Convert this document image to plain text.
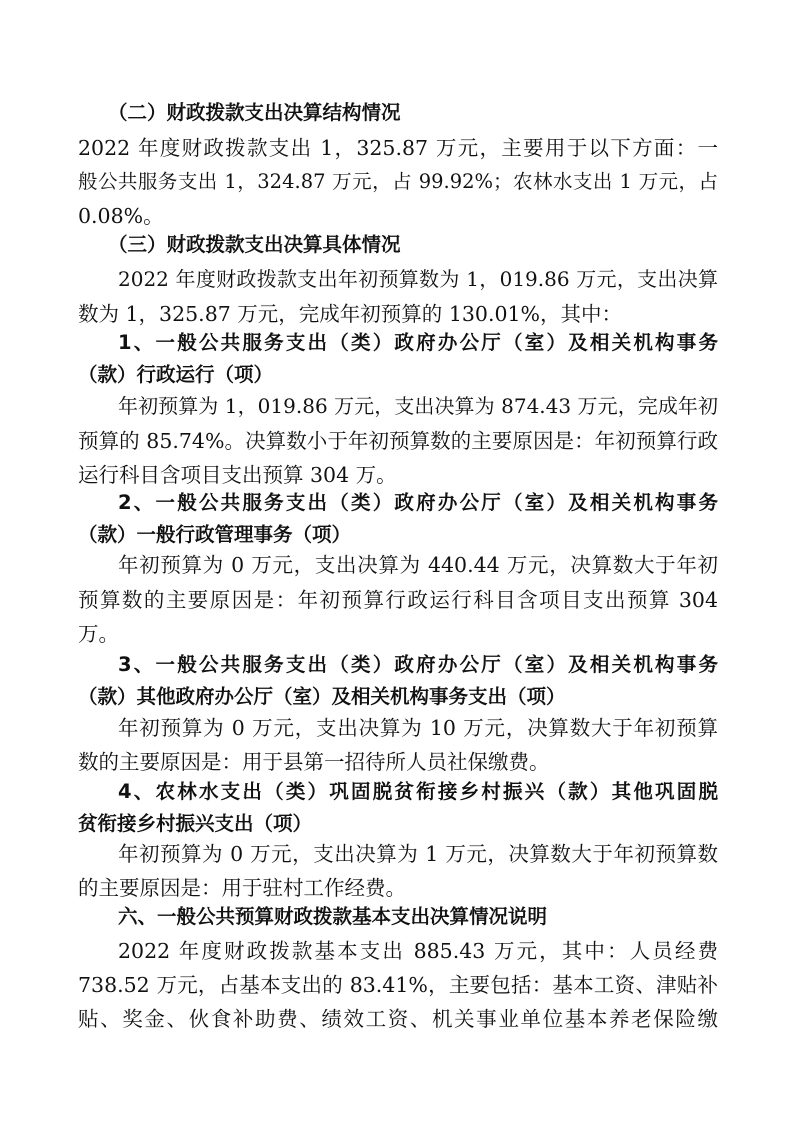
（二）财政拨款支出决算结构情况
2022 年度财政拨款支出 1，325.87 万元，主要用于以下方面：一
般公共服务支出 1，324.87 万元，占 99.92%；农林水支出 1 万元，占
0.08%。
（三）财政拨款支出决算具体情况
2022 年度财政拨款支出年初预算数为 1，019.86 万元，支出决算
数为 1，325.87 万元，完成年初预算的 130.01%，其中：
1、一般公共服务支出（类）政府办公厅（室）及相关机构事务
（款）行政运行（项）
年初预算为 1，019.86 万元，支出决算为 874.43 万元，完成年初
预算的 85.74%。决算数小于年初预算数的主要原因是：年初预算行政
运行科目含项目支出预算 304 万。
2、一般公共服务支出（类）政府办公厅（室）及相关机构事务
（款）一般行政管理事务（项）
年初预算为 0 万元，支出决算为 440.44 万元，决算数大于年初
预算数的主要原因是：年初预算行政运行科目含项目支出预算 304
万。
3、一般公共服务支出（类）政府办公厅（室）及相关机构事务
（款）其他政府办公厅（室）及相关机构事务支出（项）
年初预算为 0 万元，支出决算为 10 万元，决算数大于年初预算
数的主要原因是：用于县第一招待所人员社保缴费。
4、农林水支出（类）巩固脱贫衔接乡村振兴（款）其他巩固脱
贫衔接乡村振兴支出（项）
年初预算为 0 万元，支出决算为 1 万元，决算数大于年初预算数
的主要原因是：用于驻村工作经费。
六、一般公共预算财政拨款基本支出决算情况说明
2022 年度财政拨款基本支出 885.43 万元，其中：人员经费
738.52 万元，占基本支出的 83.41%，主要包括：基本工资、津贴补
贴、奖金、伙食补助费、绩效工资、机关事业单位基本养老保险缴
